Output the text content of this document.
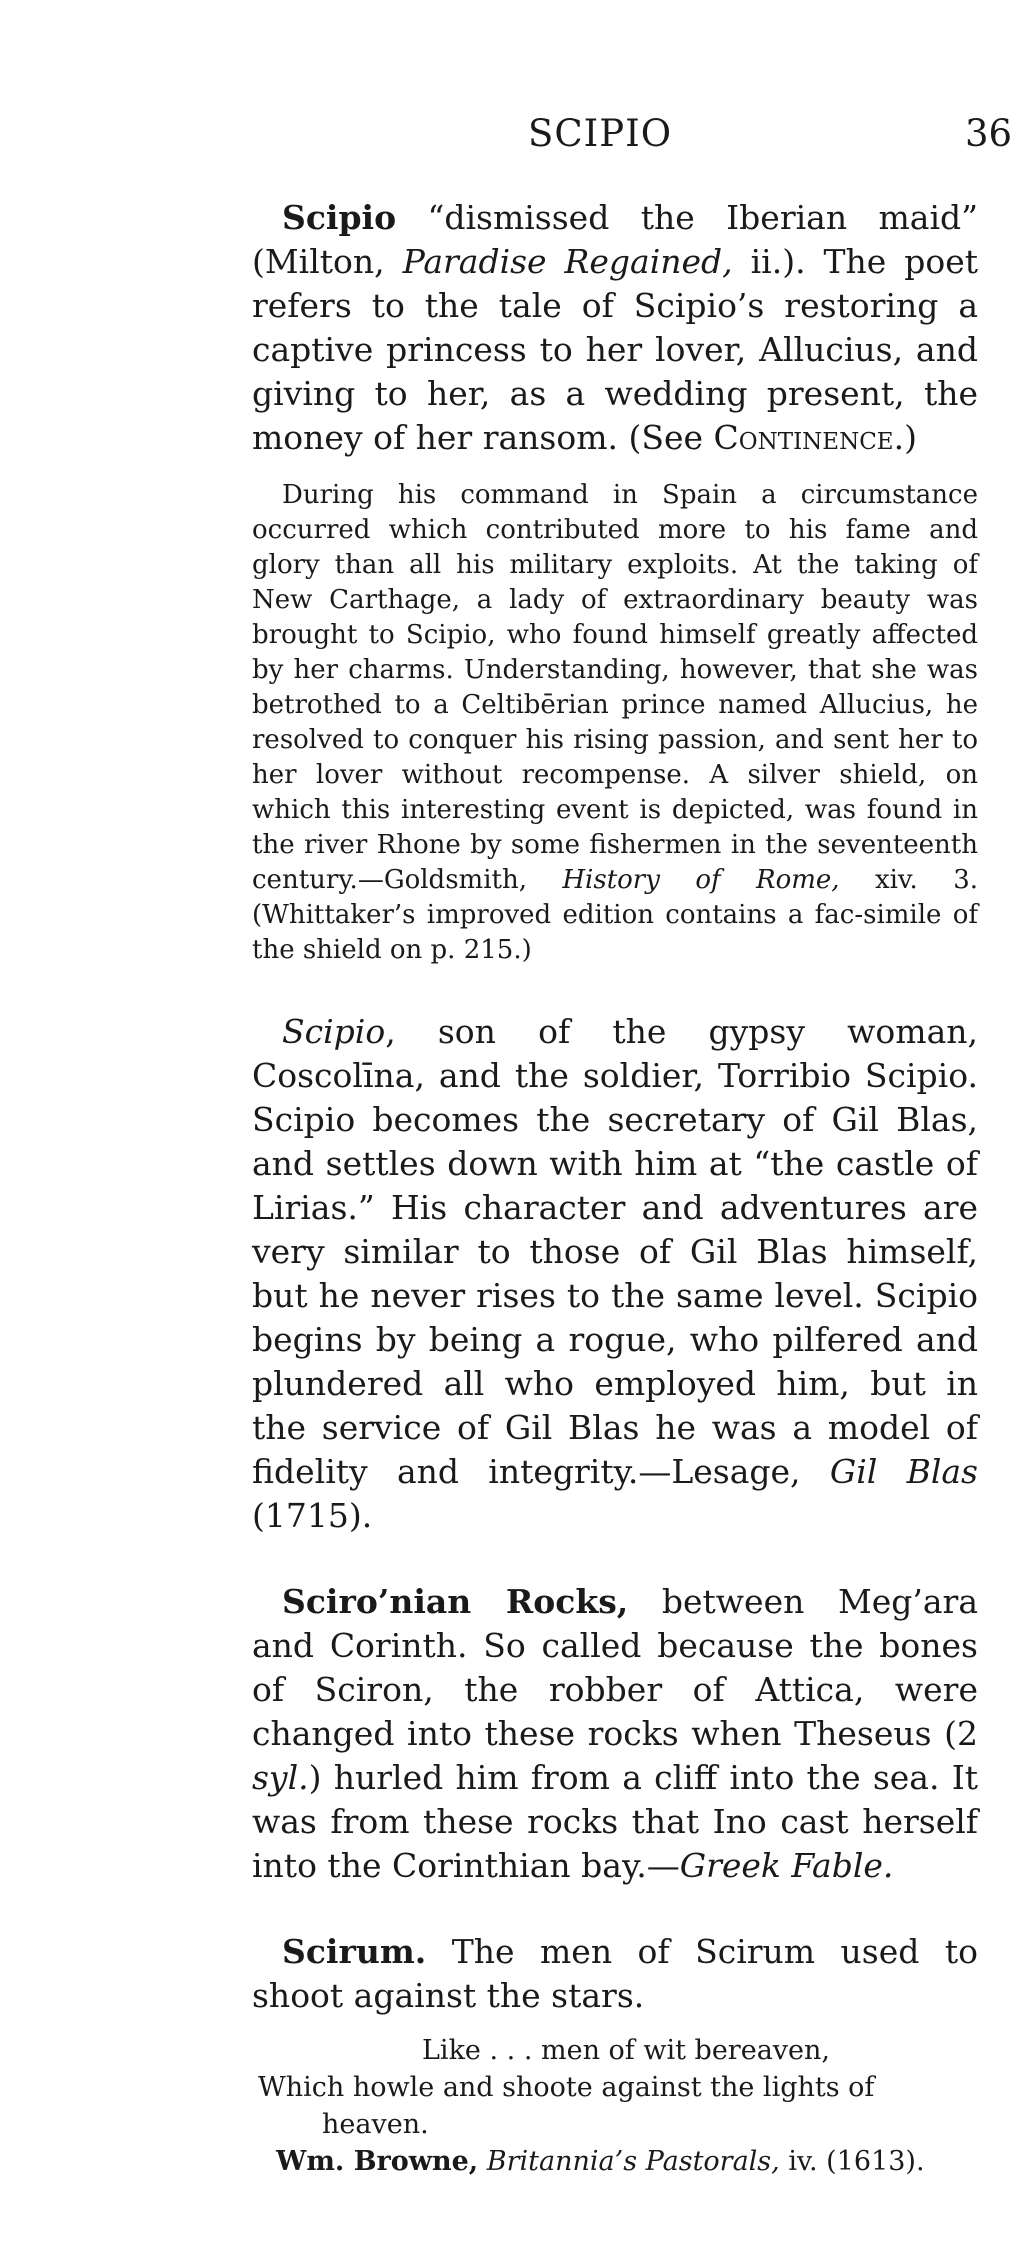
SCIPIO	36

Scipio “dismissed the Iberian maid” (Milton, Paradise Regained, ii.). The poet refers to the tale of Scipio’s restoring a captive princess to her lover, Allucius, and giving to her, as a wedding present, the money of her ransom. (See Continence.)

During his command in Spain a circumstance occurred which contributed more to his fame and glory than all his military exploits. At the taking of New Carthage, a lady of extraordinary beauty was brought to Scipio, who found himself greatly affected by her charms. Understanding, however, that she was betrothed to a Celtibērian prince named Allucius, he resolved to conquer his rising passion, and sent her to her lover without recompense. A silver shield, on which this interesting event is depicted, was found in the river Rhone by some fishermen in the seventeenth century.—Goldsmith, History of Rome, xiv. 3. (Whittaker’s improved edition contains a fac-simile of the shield on p. 215.)

Scipio, son of the gypsy woman, Coscolīna, and the soldier, Torribio Scipio. Scipio becomes the secretary of Gil Blas, and settles down with him at “the castle of Lirias.” His character and adventures are very similar to those of Gil Blas himself, but he never rises to the same level. Scipio begins by being a rogue, who pilfered and plundered all who employed him, but in the service of Gil Blas he was a model of fidelity and integrity.—Lesage, Gil Blas (1715).

Sciro’nian Rocks, between Meg’ara and Corinth. So called because the bones of Sciron, the robber of Attica, were changed into these rocks when Theseus (2 syl.) hurled him from a cliff into the sea. It was from these rocks that Ino cast herself into the Corinthian bay.—Greek Fable.

Scirum. The men of Scirum used to shoot against the stars.

Like . . . men of wit bereaven,
Which howle and shoote against the lights of
heaven.
Wm. Browne, Britannia’s Pastorals, iv. (1613).
